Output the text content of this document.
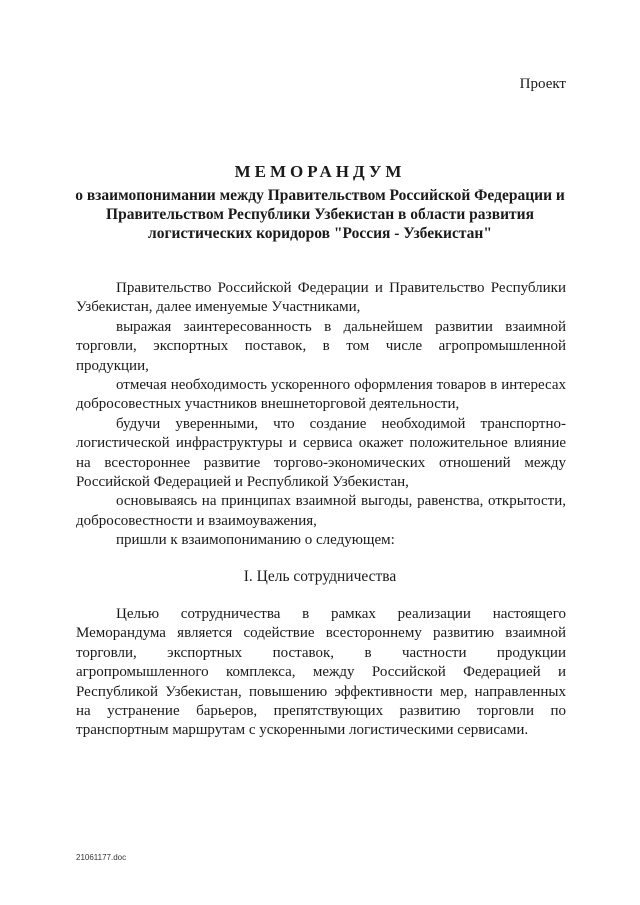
Проект
МЕМОРАНДУМ
о взаимопонимании между Правительством Российской Федерации и Правительством Республики Узбекистан в области развития логистических коридоров "Россия - Узбекистан"

Правительство Российской Федерации и Правительство Республики Узбекистан, далее именуемые Участниками,

выражая заинтересованность в дальнейшем развитии взаимной торговли, экспортных поставок, в том числе агропромышленной продукции,

отмечая необходимость ускоренного оформления товаров в интересах добросовестных участников внешнеторговой деятельности,

будучи уверенными, что создание необходимой транспортно-логистической инфраструктуры и сервиса окажет положительное влияние на всестороннее развитие торгово-экономических отношений между Российской Федерацией и Республикой Узбекистан,

основываясь на принципах взаимной выгоды, равенства, открытости, добросовестности и взаимоуважения,

пришли к взаимопониманию о следующем:

I. Цель сотрудничества

Целью сотрудничества в рамках реализации настоящего Меморандума является содействие всестороннему развитию взаимной торговли, экспортных поставок, в частности продукции агропромышленного комплекса, между Российской Федерацией и Республикой Узбекистан, повышению эффективности мер, направленных на устранение барьеров, препятствующих развитию торговли по транспортным маршрутам с ускоренными логистическими сервисами.

21061177.doc
